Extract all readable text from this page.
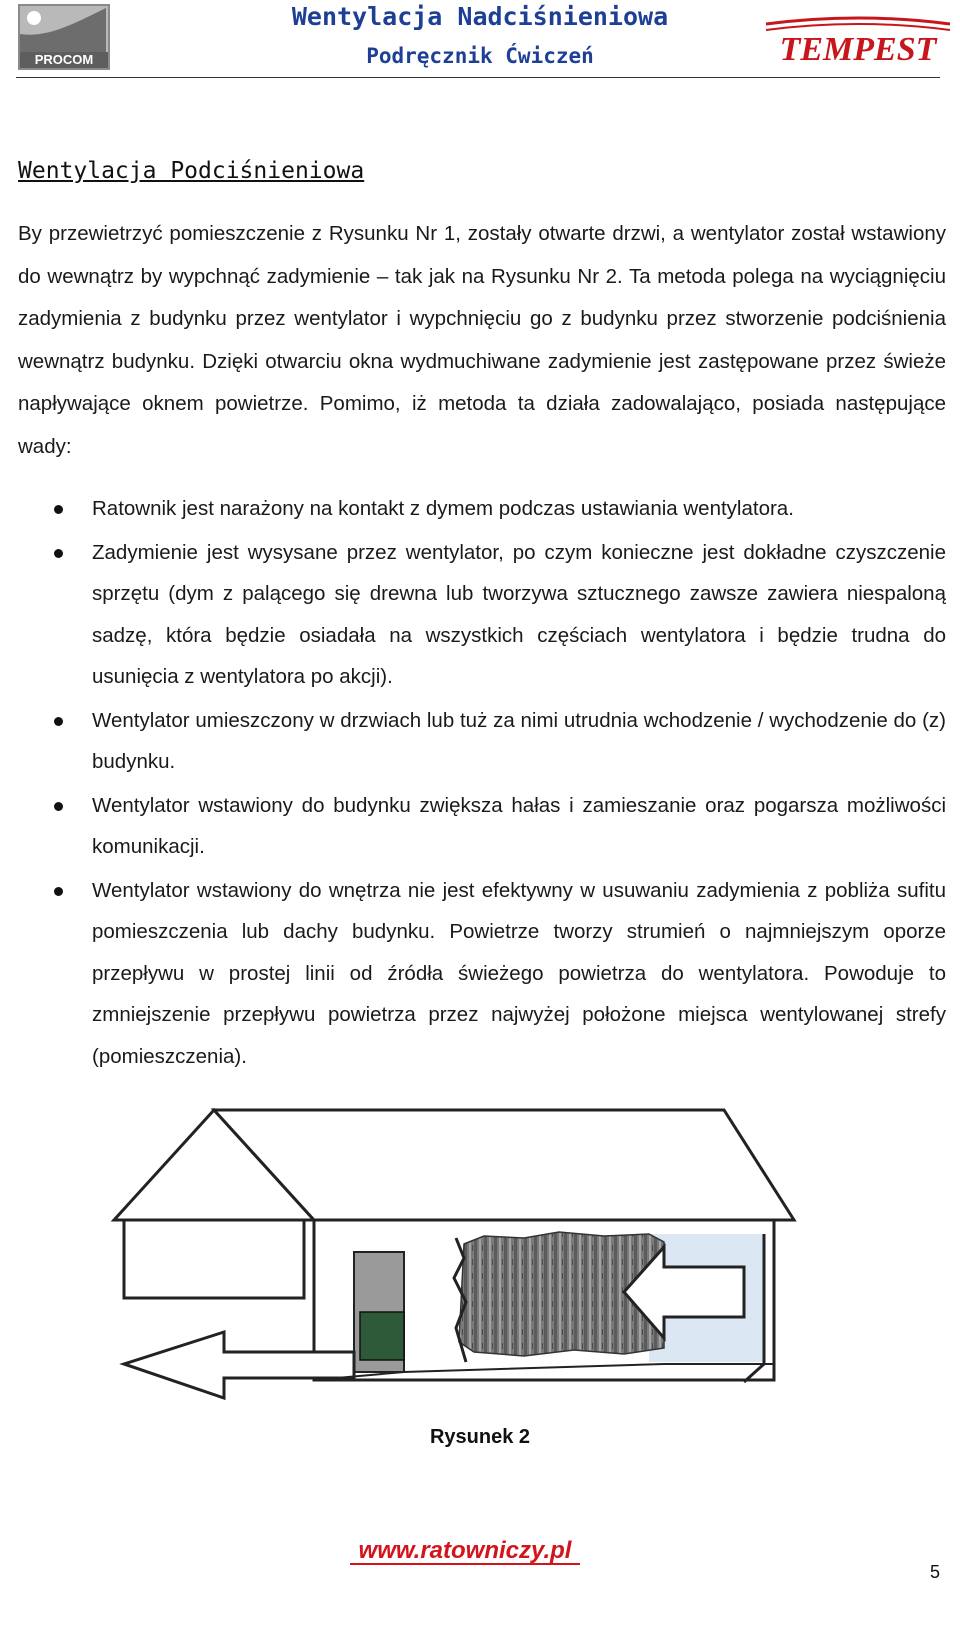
PROCOM
Wentylacja Nadciśnieniowa
Podręcznik Ćwiczeń	TEMPEST
Wentylacja Podciśnieniowa
By przewietrzyć pomieszczenie z Rysunku Nr 1, zostały otwarte drzwi, a wentylator został wstawiony do wewnątrz by wypchnąć zadymienie – tak jak na Rysunku Nr 2. Ta metoda polega na wyciągnięciu zadymienia z budynku przez wentylator i wypchnięciu go z budynku przez stworzenie podciśnienia wewnątrz budynku. Dzięki otwarciu okna wydmuchiwane zadymienie jest zastępowane przez świeże napływające oknem powietrze. Pomimo, iż metoda ta działa zadowalająco, posiada następujące wady:
Ratownik jest narażony na kontakt z dymem podczas ustawiania wentylatora.
Zadymienie jest wysysane przez wentylator, po czym konieczne jest dokładne czyszczenie sprzętu (dym z palącego się drewna lub tworzywa sztucznego zawsze zawiera niespaloną sadzę, która będzie osiadała na wszystkich częściach wentylatora i będzie trudna do usunięcia z wentylatora po akcji).
Wentylator umieszczony w drzwiach lub tuż za nimi utrudnia wchodzenie / wychodzenie do (z) budynku.
Wentylator wstawiony do budynku zwiększa hałas i zamieszanie oraz pogarsza możliwości komunikacji.
Wentylator wstawiony do wnętrza nie jest efektywny w usuwaniu zadymienia z pobliża sufitu pomieszczenia lub dachy budynku. Powietrze tworzy strumień o najmniejszym oporze przepływu w prostej linii od źródła świeżego powietrza do wentylatora. Powoduje to zmniejszenie przepływu powietrza przez najwyżej położone miejsca wentylowanej strefy (pomieszczenia).
Rysunek 2
www.ratowniczy.pl
5
